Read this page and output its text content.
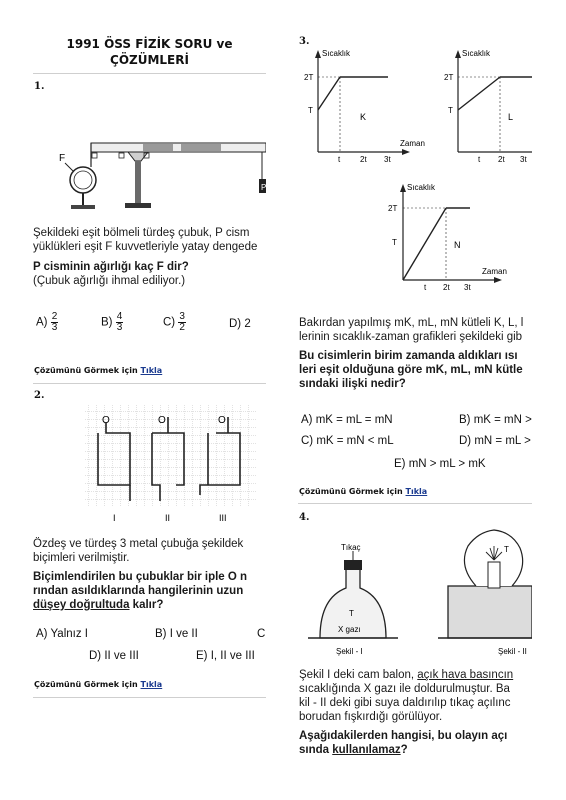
1991 ÖSS FİZİK SORU ve ÇÖZÜMLERİ
1.
F
P
Şekildeki eşit bölmeli türdeş çubuk, P cism
yüklükleri eşit F kuvvetleriyle yatay dengede
P cisminin ağırlığı kaç F dir?
(Çubuk ağırlığı ihmal ediliyor.)
$A) \frac{2}{3}$	$B) \frac{4}{3}$	$C) \frac{3}{2}$	D) 2
Çözümünü Görmek için Tıkla
2.
O	O	O
I	II	III
Özdeş ve türdeş 3 metal çubuğa şekildek
biçimleri verilmiştir.
Biçimlendirilen bu çubuklar bir iple O n
rından asıldıklarında hangilerinin uzun
düşey doğrultuda kalır?
A) Yalnız I	B) I ve II	C
D) II ve III	E) I, II ve III
Çözümünü Görmek için Tıkla
3.
Sıcaklık
2T
T
t 2t 3t
Zaman
K
Sıcaklık
2T
T
t 2t 3t
L
Sıcaklık
2T
T
t 2t 3t
Zaman
N
Bakırdan yapılmış mK, mL, mN kütleli K, L, l
lerinin sıcaklık-zaman grafikleri şekildeki gib
Bu cisimlerin birim zamanda aldıkları ısı
leri eşit olduğuna göre mK, mL, mN kütle
sındaki ilişki nedir?
A) mK = mL = mN	B) mK = mN >
C) mK = mN < mL	D) mN = mL >
E) mN > mL > mK
Çözümünü Görmek için Tıkla
4.
Tıkaç
T
X gazı
Şekil - I
T
Şekil - II
Şekil I deki cam balon, açık hava basıncın
sıcaklığında X gazı ile doldurulmuştur. Ba
kil - II deki gibi suya daldırılıp tıkaç açılınc
borudan fışkırdığı görülüyor.
Aşağıdakilerden hangisi, bu olayın açı
sında kullanılamaz?
